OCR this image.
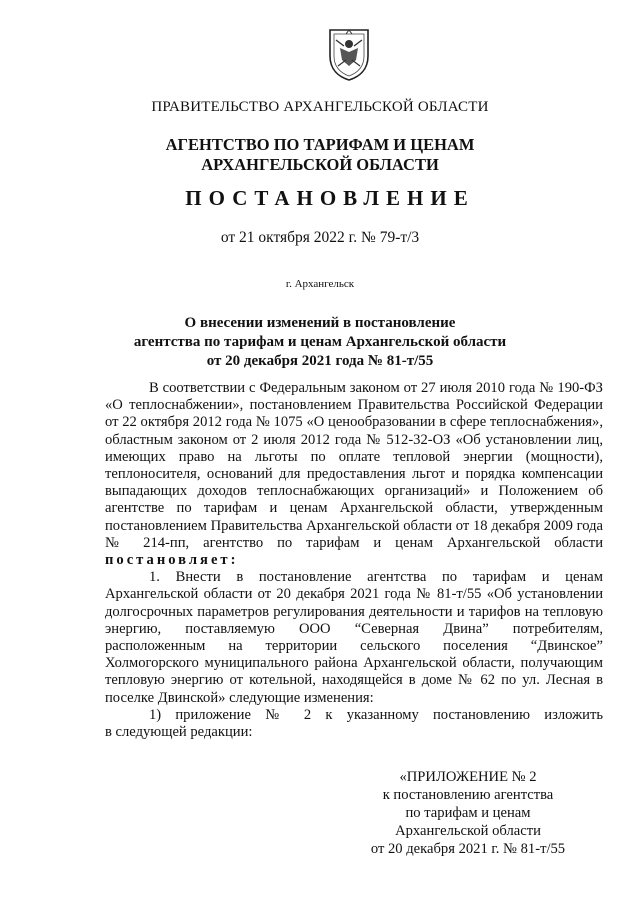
ПРАВИТЕЛЬСТВО АРХАНГЕЛЬСКОЙ ОБЛАСТИ
АГЕНТСТВО ПО ТАРИФАМ И ЦЕНАМ
АРХАНГЕЛЬСКОЙ ОБЛАСТИ
ПОСТАНОВЛЕНИЕ
от 21 октября 2022 г. № 79-т/3
г. Архангельск
О внесении изменений в постановление
агентства по тарифам и ценам Архангельской области
от 20 декабря 2021 года № 81-т/55

В соответствии с Федеральным законом от 27 июля 2010 года № 190-ФЗ «О теплоснабжении», постановлением Правительства Российской Федерации от 22 октября 2012 года № 1075 «О ценообразовании в сфере теплоснабжения», областным законом от 2 июля 2012 года № 512-32-ОЗ «Об установлении лиц, имеющих право на льготы по оплате тепловой энергии (мощности), теплоносителя, оснований для предоставления льгот и порядка компенсации выпадающих доходов теплоснабжающих организаций» и Положением об агентстве по тарифам и ценам Архангельской области, утвержденным постановлением Правительства Архангельской области от 18 декабря 2009 года № 214-пп, агентство по тарифам и ценам Архангельской области постановляет:

1. Внести в постановление агентства по тарифам и ценам Архангельской области от 20 декабря 2021 года № 81-т/55 «Об установлении долгосрочных параметров регулирования деятельности и тарифов на тепловую энергию, поставляемую ООО “Северная Двина” потребителям, расположенным на территории сельского поселения “Двинское” Холмогорского муниципального района Архангельской области, получающим тепловую энергию от котельной, находящейся в доме № 62 по ул. Лесная в поселке Двинской» следующие изменения:

1) приложение № 2 к указанному постановлению изложить

в следующей редакции:

«ПРИЛОЖЕНИЕ № 2
к постановлению агентства
по тарифам и ценам
Архангельской области
от 20 декабря 2021 г. № 81-т/55
